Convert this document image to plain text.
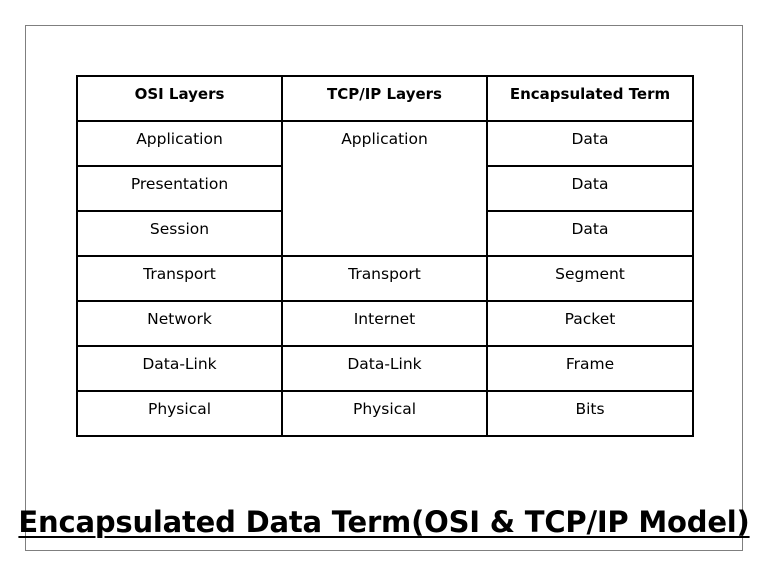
OSI Layers	TCP/IP Layers	Encapsulated Term

Application	Application	Data

Presentation		Data

Session		Data

Transport	Transport	Segment

Network	Internet	Packet

Data-Link	Data-Link	Frame

Physical	Physical	Bits
Encapsulated Data Term(OSI & TCP/IP Model)
